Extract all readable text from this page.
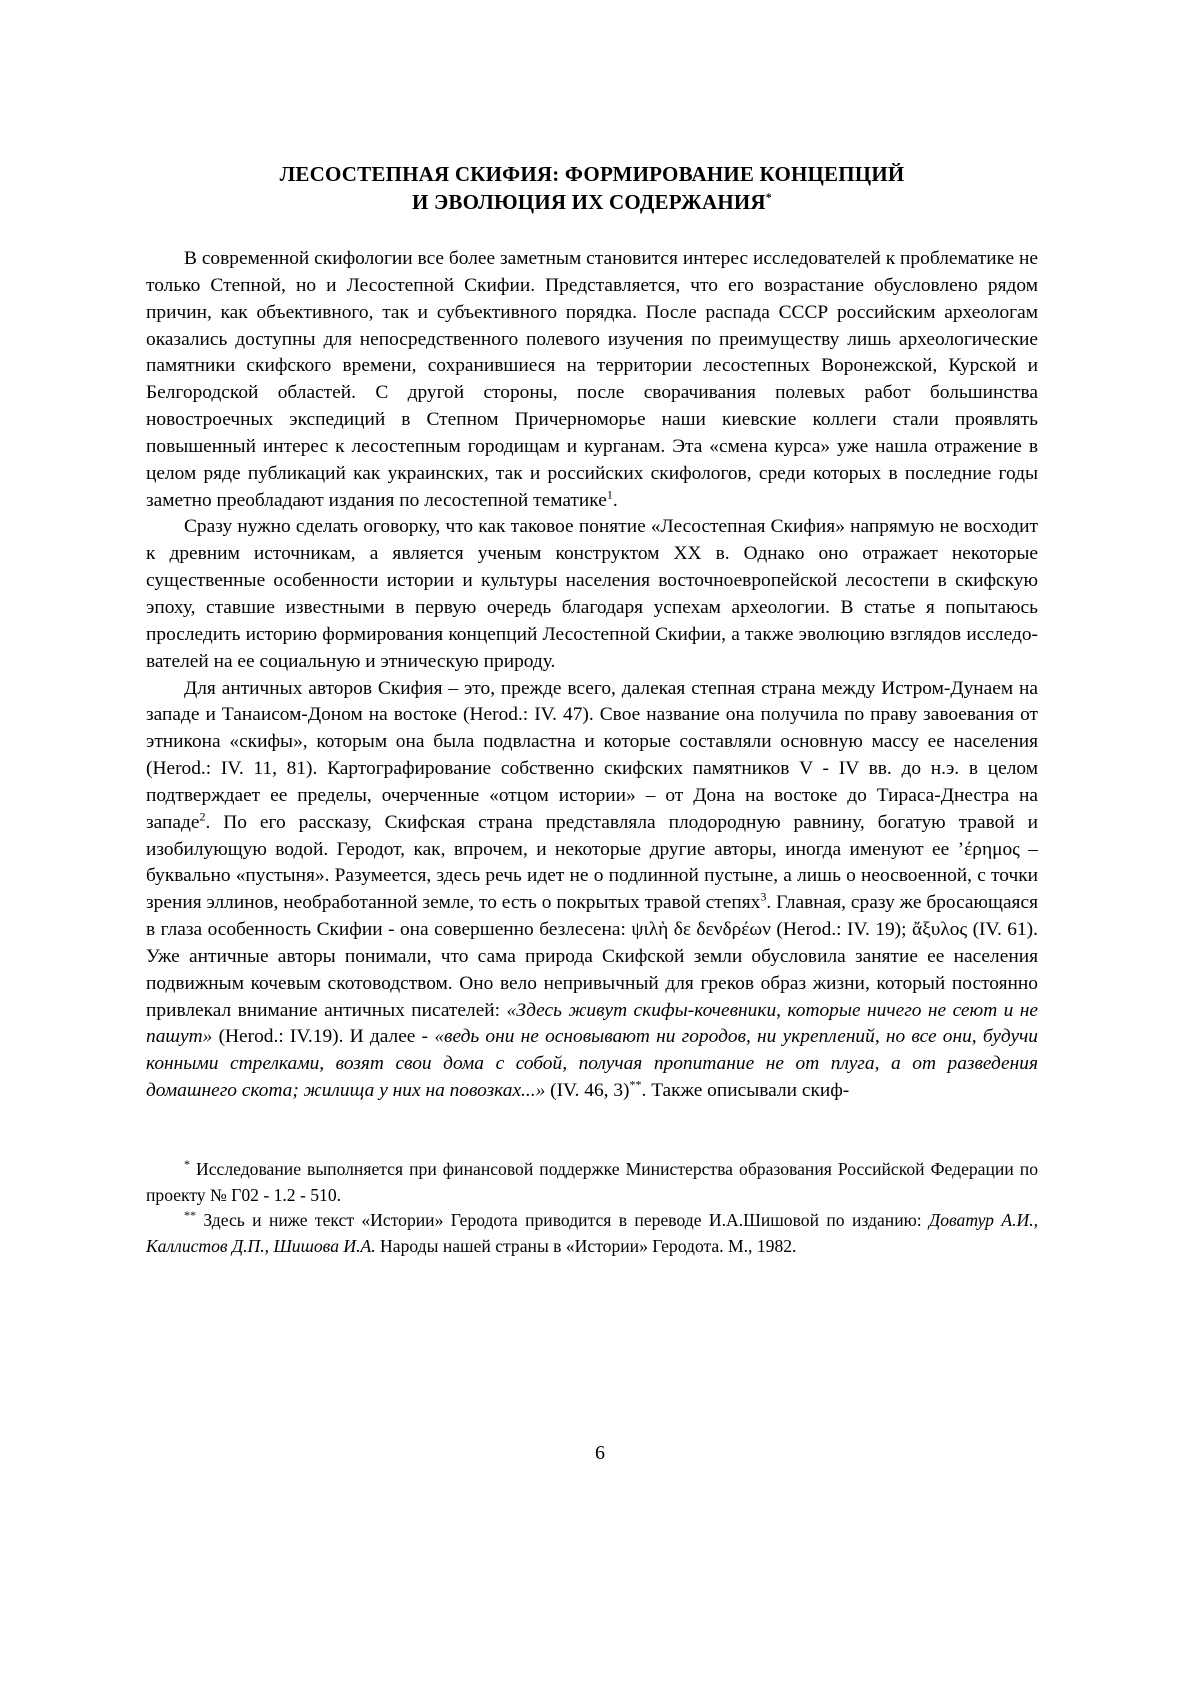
ЛЕСОСТЕПНАЯ СКИФИЯ: ФОРМИРОВАНИЕ КОНЦЕПЦИЙ
И ЭВОЛЮЦИЯ ИХ СОДЕРЖАНИЯ*

В современной скифологии все более заметным становится интерес исследователей к проблематике не только Степной, но и Лесостепной Скифии. Представляется, что его возрастание обусловлено рядом причин, как объективного, так и субъективного порядка. После распада СССР российским археологам оказались доступны для непосредственного полевого изучения по преимуществу лишь археологические памятники скифского времени, сохранившиеся на территории лесостепных Воронежской, Курской и Белгородской областей. С другой стороны, после сворачивания полевых работ большинства новостроечных экспедиций в Степном Причерноморье наши киевские коллеги стали проявлять повышенный интерес к лесостепным городищам и курганам. Эта «смена курса» уже нашла отражение в целом ряде публикаций как украинских, так и российских скифологов, среди которых в последние годы заметно преобладают издания по лесостепной тематике$^1$.

Сразу нужно сделать оговорку, что как таковое понятие «Лесостепная Скифия» напрямую не восходит к древним источникам, а является ученым конструктом XX в. Однако оно отражает некоторые существенные особенности истории и культуры населения восточноевропейской лесостепи в скифскую эпоху, ставшие известными в первую очередь благодаря успехам археологии. В статье я попытаюсь проследить историю формирования концепций Лесостепной Скифии, а также эволюцию взглядов исследователей на ее социальную и этническую природу.

Для античных авторов Скифия – это, прежде всего, далекая степная страна между Истром-Дунаем на западе и Танаисом-Доном на востоке (Herod.: IV. 47). Свое название она получила по праву завоевания от этникона «скифы», которым она была подвластна и которые составляли основную массу ее населения (Herod.: IV. 11, 81). Картографирование собственно скифских памятников V - IV вв. до н.э. в целом подтверждает ее пределы, очерченные «отцом истории» – от Дона на востоке до Тираса-Днестра на западе$^2$. По его рассказу, Скифская страна представляла плодородную равнину, богатую травой и изобилующую водой. Геродот, как, впрочем, и некоторые другие авторы, иногда именуют ее ’έρημος – буквально «пустыня». Разумеется, здесь речь идет не о подлинной пустыне, а лишь о неосвоенной, с точки зрения эллинов, необработанной земле, то есть о покрытых травой степях$^3$. Главная, сразу же бросающаяся в глаза особенность Скифии - она совершенно безлесена: ψιλὴ δε δενδρέων (Herod.: IV. 19); ἄξυλος (IV. 61). Уже античные авторы понимали, что сама природа Скифской земли обусловила занятие ее населения подвижным кочевым скотоводством. Оно вело непривычный для греков образ жизни, который постоянно привлекал внимание античных писателей: «Здесь живут скифы-кочевники, которые ничего не сеют и не пашут» (Herod.: IV.19). И далее - «ведь они не основывают ни городов, ни укреплений, но все они, будучи конными стрелками, возят свои дома с собой, получая пропитание не от плуга, а от разведения домашнего скота; жилища у них на повозках...» (IV. 46, 3)**. Также описывали скиф-

* Исследование выполняется при финансовой поддержке Министерства образования Российской Федерации по проекту № Г02 - 1.2 - 510.

** Здесь и ниже текст «Истории» Геродота приводится в переводе И.А.Шишовой по изданию: Доватур А.И., Каллистов Д.П., Шишова И.А. Народы нашей страны в «Истории» Геродота. М., 1982.

6
